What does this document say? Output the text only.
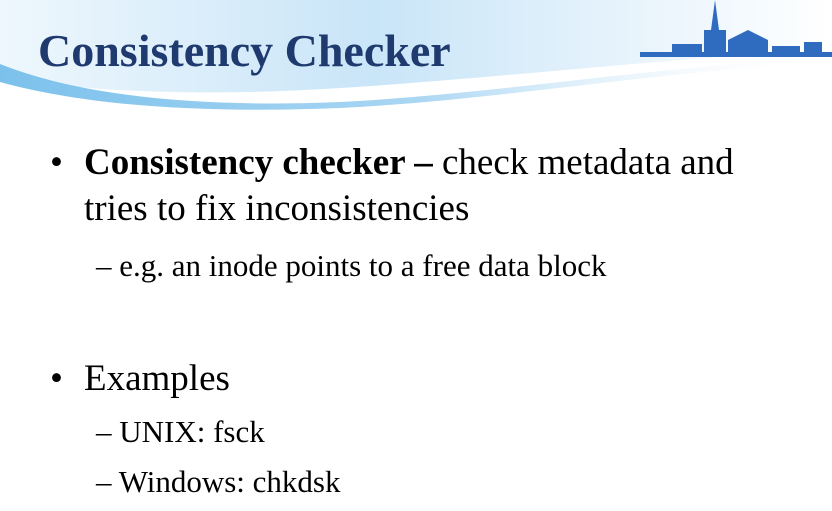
Consistency Checker
• Consistency checker – check metadata and
tries to fix inconsistencies
– e.g. an inode points to a free data block
• Examples
– UNIX: fsck
– Windows: chkdsk
